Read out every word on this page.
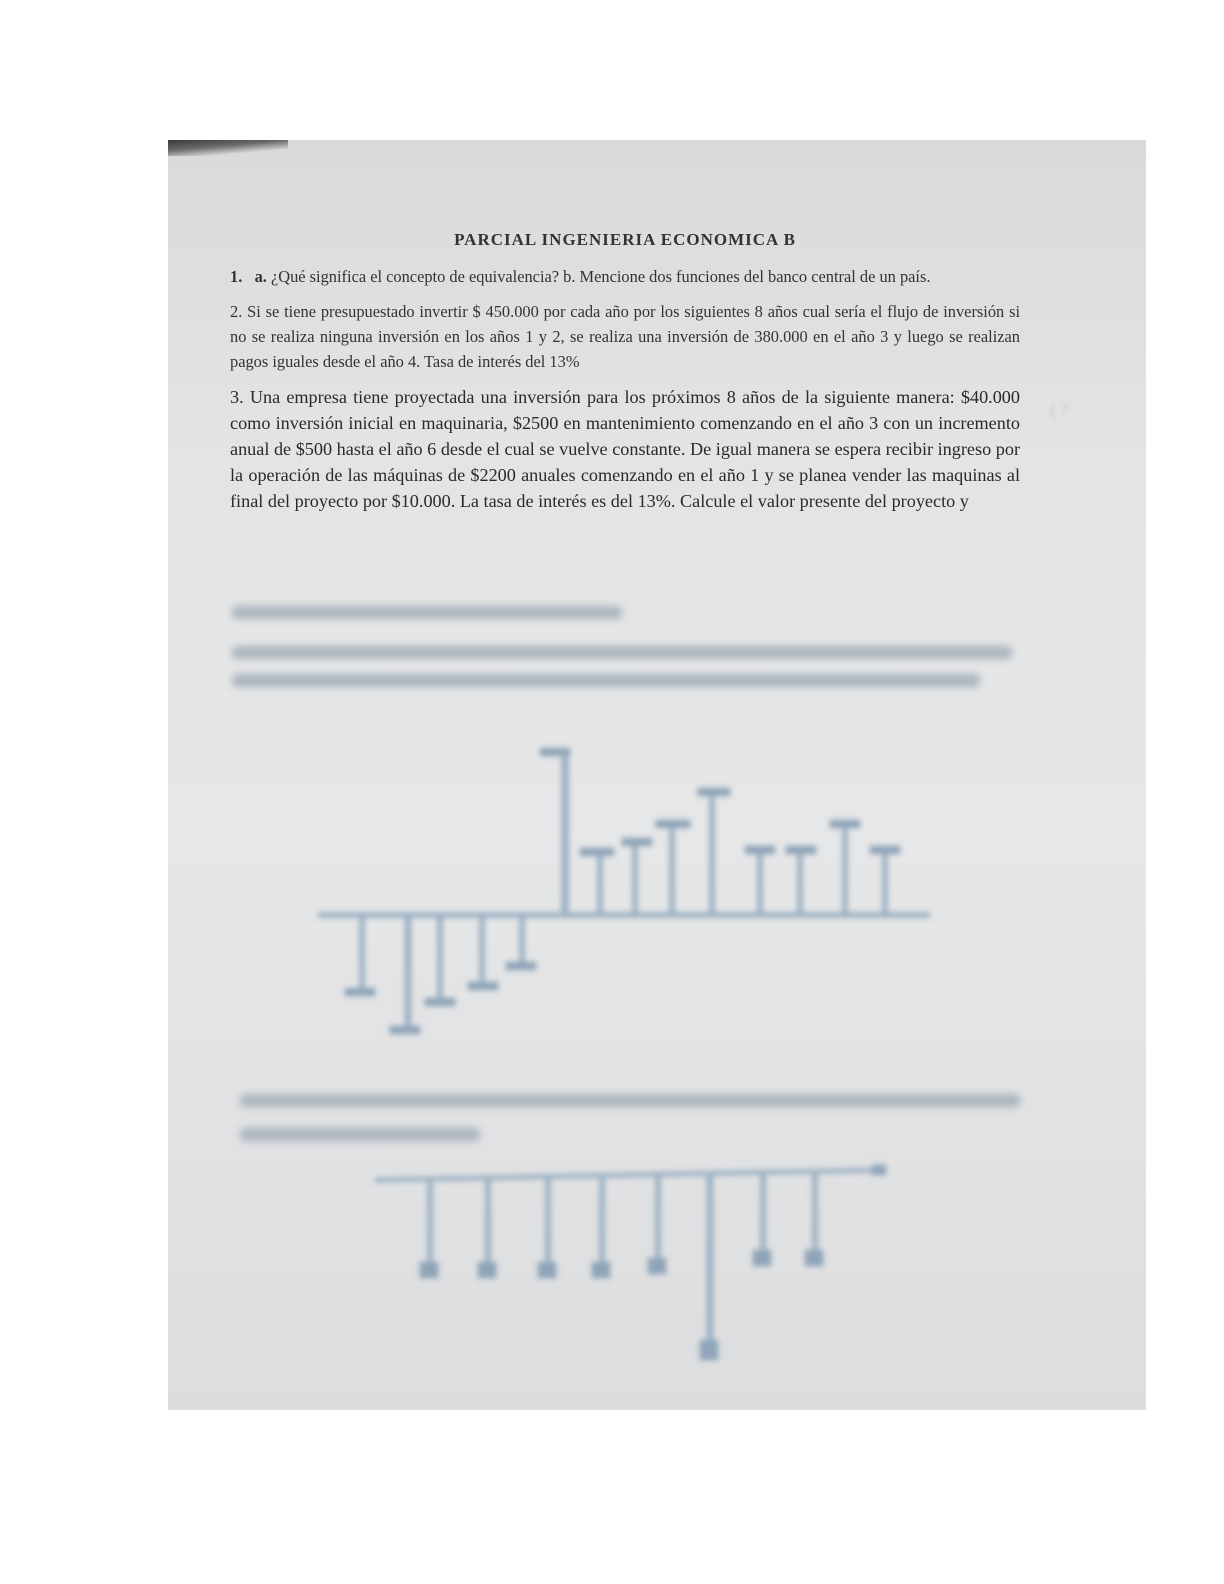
PARCIAL INGENIERIA ECONOMICA B

1. a. ¿Qué significa el concepto de equivalencia? b. Mencione dos funciones del banco central de un país.

2. Si se tiene presupuestado invertir $ 450.000 por cada año por los siguientes 8 años cual sería el flujo de inversión si no se realiza ninguna inversión en los años 1 y 2, se realiza una inversión de 380.000 en el año 3 y luego se realizan pagos iguales desde el año 4. Tasa de interés del 13%

3. Una empresa tiene proyectada una inversión para los próximos 8 años de la siguiente manera: $40.000 como inversión inicial en maquinaria, $2500 en mantenimiento comenzando en el año 3 con un incremento anual de $500 hasta el año 6 desde el cual se vuelve constante. De igual manera se espera recibir ingreso por la operación de las máquinas de $2200 anuales comenzando en el año 1 y se planea vender las maquinas al final del proyecto por $10.000. La tasa de interés es del 13%. Calcule el valor presente del proyecto y

( ?
